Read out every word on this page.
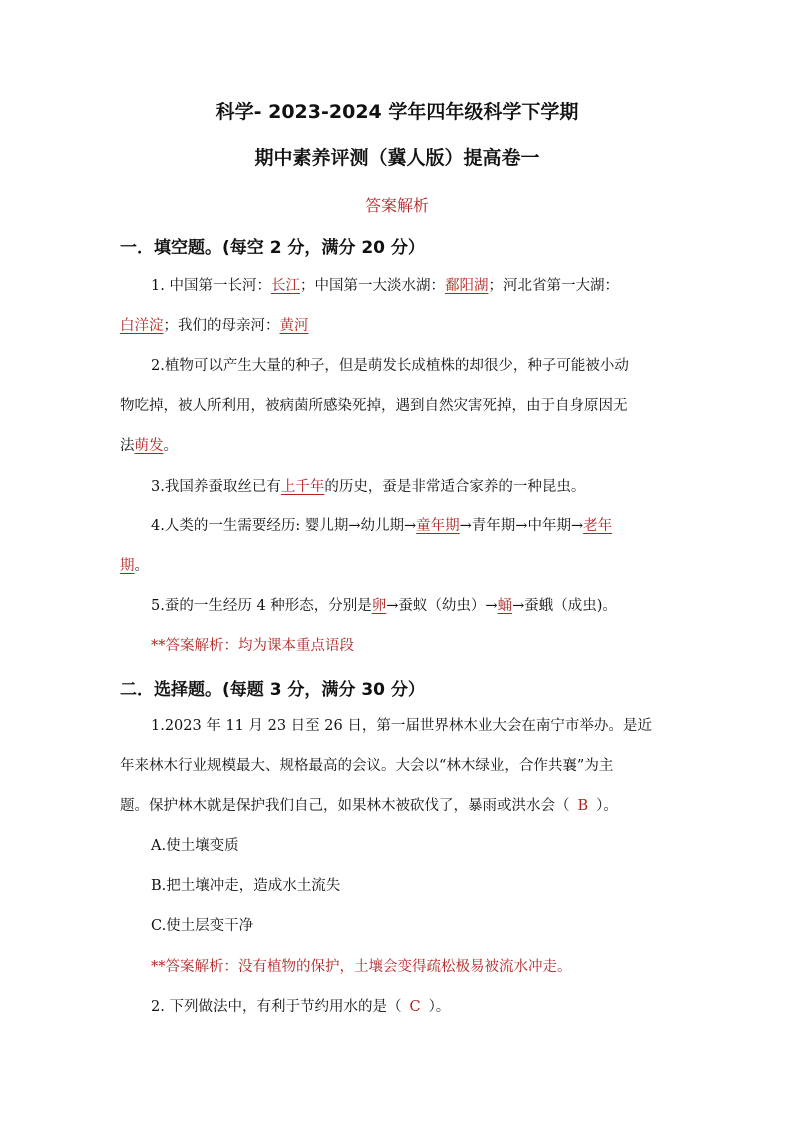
科学- 2023-2024 学年四年级科学下学期
期中素养评测（冀人版）提高卷一
答案解析
一．填空题。(每空 2 分，满分 20 分）
1. 中国第一长河：长江；中国第一大淡水湖：鄱阳湖；河北省第一大湖：
白洋淀；我们的母亲河：黄河
2.植物可以产生大量的种子，但是萌发长成植株的却很少，种子可能被小动
物吃掉，被人所利用，被病菌所感染死掉，遇到自然灾害死掉，由于自身原因无
法萌发。
3.我国养蚕取丝已有上千年的历史，蚕是非常适合家养的一种昆虫。
4.人类的一生需要经历: 婴儿期→幼儿期→童年期→青年期→中年期→老年
期。
5.蚕的一生经历 4 种形态，分别是卵→蚕蚁（幼虫）→蛹→蚕蛾（成虫)。
**答案解析：均为课本重点语段
二．选择题。(每题 3 分，满分 30 分）
1.2023 年 11 月 23 日至 26 日，第一届世界林木业大会在南宁市举办。是近
年来林木行业规模最大、规格最高的会议。大会以“林木绿业，合作共襄”为主
题。保护林木就是保护我们自己，如果林木被砍伐了，暴雨或洪水会（ B ）。
A.使土壤变质
B.把土壤冲走，造成水土流失
C.使土层变干净
**答案解析：没有植物的保护，土壤会变得疏松极易被流水冲走。
2. 下列做法中，有利于节约用水的是（ C ）。
